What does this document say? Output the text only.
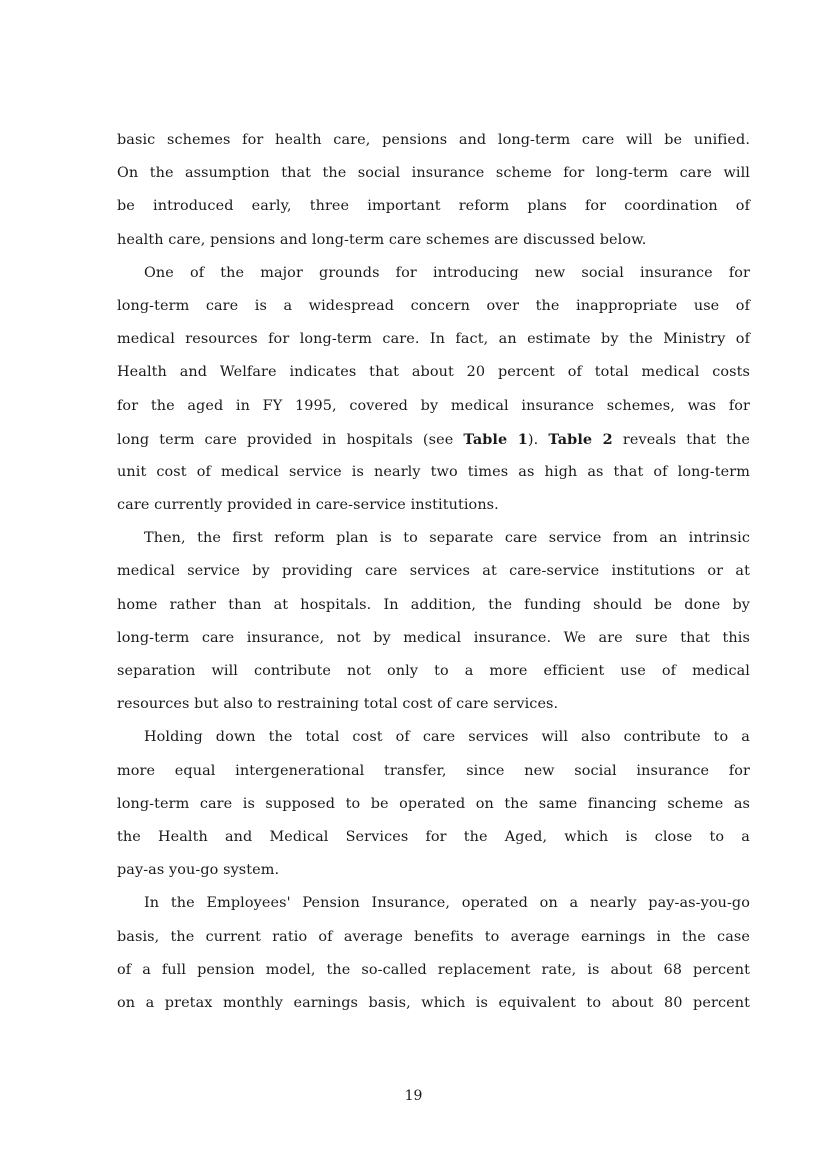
basic schemes for health care, pensions and long-term care will be unified.
On the assumption that the social insurance scheme for long-term care will
be introduced early, three important reform plans for coordination of
health care, pensions and long-term care schemes are discussed below.
One of the major grounds for introducing new social insurance for
long-term care is a widespread concern over the inappropriate use of
medical resources for long-term care. In fact, an estimate by the Ministry of
Health and Welfare indicates that about 20 percent of total medical costs
for the aged in FY 1995, covered by medical insurance schemes, was for
long term care provided in hospitals (see Table 1). Table 2 reveals that the
unit cost of medical service is nearly two times as high as that of long-term
care currently provided in care-service institutions.
Then, the first reform plan is to separate care service from an intrinsic
medical service by providing care services at care-service institutions or at
home rather than at hospitals. In addition, the funding should be done by
long-term care insurance, not by medical insurance. We are sure that this
separation will contribute not only to a more efficient use of medical
resources but also to restraining total cost of care services.
Holding down the total cost of care services will also contribute to a
more equal intergenerational transfer, since new social insurance for
long-term care is supposed to be operated on the same financing scheme as
the Health and Medical Services for the Aged, which is close to a
pay-as you-go system.
In the Employees' Pension Insurance, operated on a nearly pay-as-you-go
basis, the current ratio of average benefits to average earnings in the case
of a full pension model, the so-called replacement rate, is about 68 percent
on a pretax monthly earnings basis, which is equivalent to about 80 percent
19
